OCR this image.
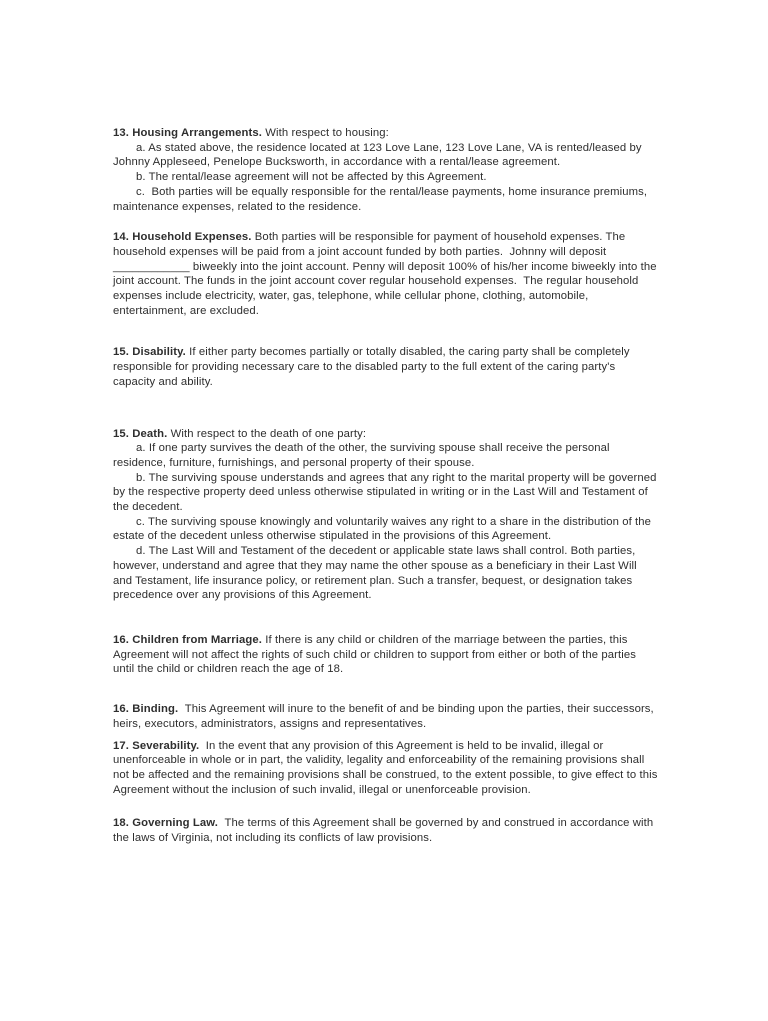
13. Housing Arrangements. With respect to housing:

a. As stated above, the residence located at 123 Love Lane, 123 Love Lane, VA is rented/leased by Johnny Appleseed, Penelope Bucksworth, in accordance with a rental/lease agreement.

b. The rental/lease agreement will not be affected by this Agreement.

c.  Both parties will be equally responsible for the rental/lease payments, home insurance premiums, maintenance expenses, related to the residence.

14. Household Expenses. Both parties will be responsible for payment of household expenses. The household expenses will be paid from a joint account funded by both parties.  Johnny will deposit ____________ biweekly into the joint account. Penny will deposit 100% of his/her income biweekly into the joint account. The funds in the joint account cover regular household expenses.  The regular household expenses include electricity, water, gas, telephone, while cellular phone, clothing, automobile, entertainment, are excluded.

15. Disability. If either party becomes partially or totally disabled, the caring party shall be completely responsible for providing necessary care to the disabled party to the full extent of the caring party's capacity and ability.

15. Death. With respect to the death of one party:

a. If one party survives the death of the other, the surviving spouse shall receive the personal residence, furniture, furnishings, and personal property of their spouse.

b. The surviving spouse understands and agrees that any right to the marital property will be governed by the respective property deed unless otherwise stipulated in writing or in the Last Will and Testament of the decedent.

c. The surviving spouse knowingly and voluntarily waives any right to a share in the distribution of the estate of the decedent unless otherwise stipulated in the provisions of this Agreement.

d. The Last Will and Testament of the decedent or applicable state laws shall control. Both parties, however, understand and agree that they may name the other spouse as a beneficiary in their Last Will and Testament, life insurance policy, or retirement plan. Such a transfer, bequest, or designation takes precedence over any provisions of this Agreement.

16. Children from Marriage. If there is any child or children of the marriage between the parties, this Agreement will not affect the rights of such child or children to support from either or both of the parties until the child or children reach the age of 18.

16. Binding.  This Agreement will inure to the benefit of and be binding upon the parties, their successors, heirs, executors, administrators, assigns and representatives.

17. Severability.  In the event that any provision of this Agreement is held to be invalid, illegal or unenforceable in whole or in part, the validity, legality and enforceability of the remaining provisions shall not be affected and the remaining provisions shall be construed, to the extent possible, to give effect to this Agreement without the inclusion of such invalid, illegal or unenforceable provision.

18. Governing Law.  The terms of this Agreement shall be governed by and construed in accordance with the laws of Virginia, not including its conflicts of law provisions.
